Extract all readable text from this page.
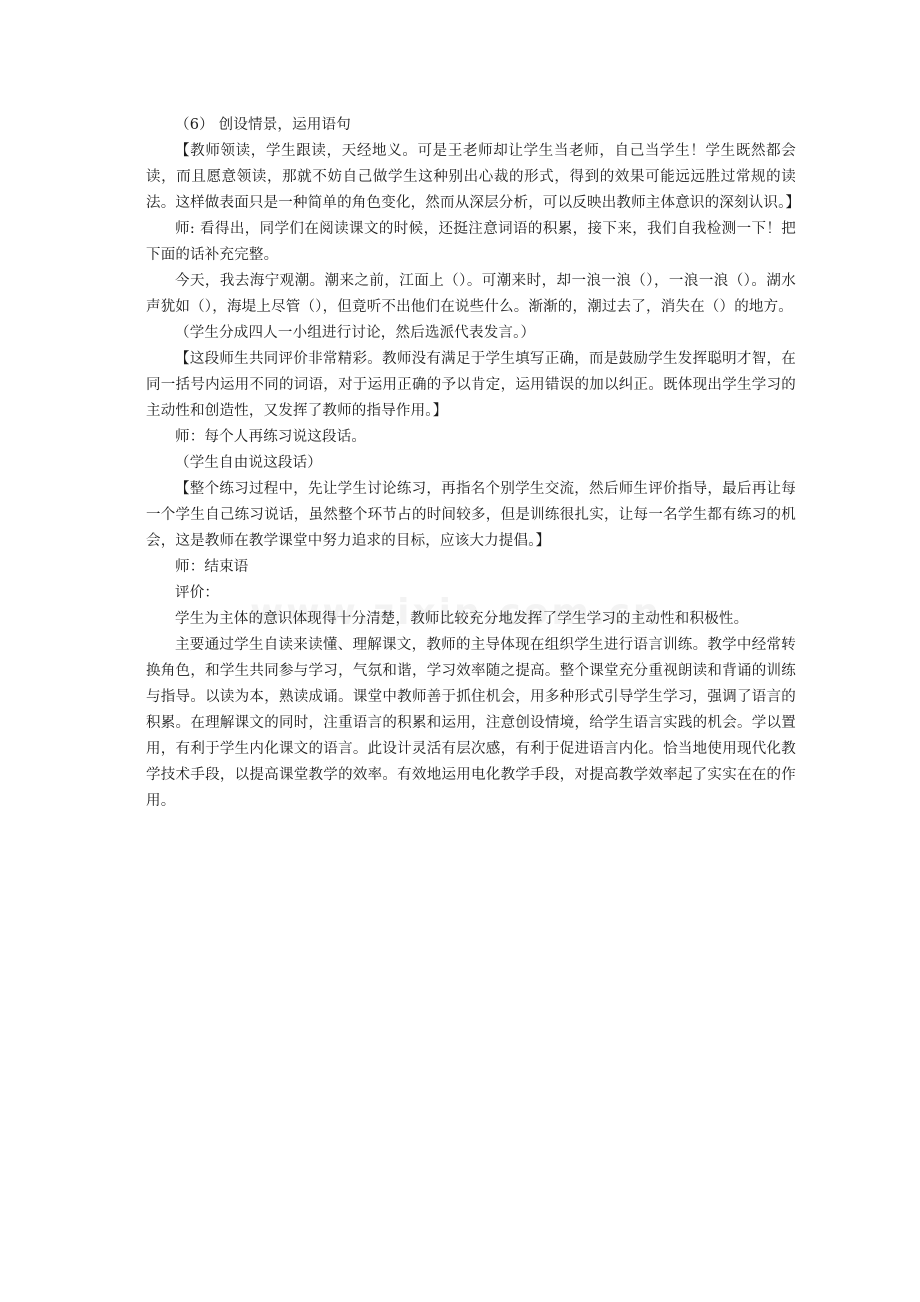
（6） 创设情景，运用语句

【教师领读，学生跟读，天经地义。可是王老师却让学生当老师，自己当学生！学生既然都会读，而且愿意领读，那就不妨自己做学生这种别出心裁的形式，得到的效果可能远远胜过常规的读法。这样做表面只是一种简单的角色变化，然而从深层分析，可以反映出教师主体意识的深刻认识。】

师: 看得出，同学们在阅读课文的时候，还挺注意词语的积累，接下来，我们自我检测一下！把下面的话补充完整。

今天，我去海宁观潮。潮来之前，江面上（）。可潮来时，却一浪一浪（），一浪一浪（）。湖水声犹如（），海堤上尽管（），但竟听不出他们在说些什么。渐渐的，潮过去了，消失在（）的地方。

（学生分成四人一小组进行讨论，然后选派代表发言。）

【这段师生共同评价非常精彩。教师没有满足于学生填写正确，而是鼓励学生发挥聪明才智，在同一括号内运用不同的词语，对于运用正确的予以肯定，运用错误的加以纠正。既体现出学生学习的主动性和创造性，又发挥了教师的指导作用。】

师：每个人再练习说这段话。

（学生自由说这段话）

【整个练习过程中，先让学生讨论练习，再指名个别学生交流，然后师生评价指导，最后再让每一个学生自己练习说话，虽然整个环节占的时间较多，但是训练很扎实，让每一名学生都有练习的机会，这是教师在教学课堂中努力追求的目标，应该大力提倡。】

师：结束语

评价：

学生为主体的意识体现得十分清楚，教师比较充分地发挥了学生学习的主动性和积极性。

主要通过学生自读来读懂、理解课文，教师的主导体现在组织学生进行语言训练。教学中经常转换角色，和学生共同参与学习，气氛和谐，学习效率随之提高。整个课堂充分重视朗读和背诵的训练与指导。以读为本，熟读成诵。课堂中教师善于抓住机会，用多种形式引导学生学习，强调了语言的积累。在理解课文的同时，注重语言的积累和运用，注意创设情境，给学生语言实践的机会。学以置用，有利于学生内化课文的语言。此设计灵活有层次感，有利于促进语言内化。恰当地使用现代化教学技术手段，以提高课堂教学的效率。有效地运用电化教学手段，对提高教学效率起了实实在在的作用。
